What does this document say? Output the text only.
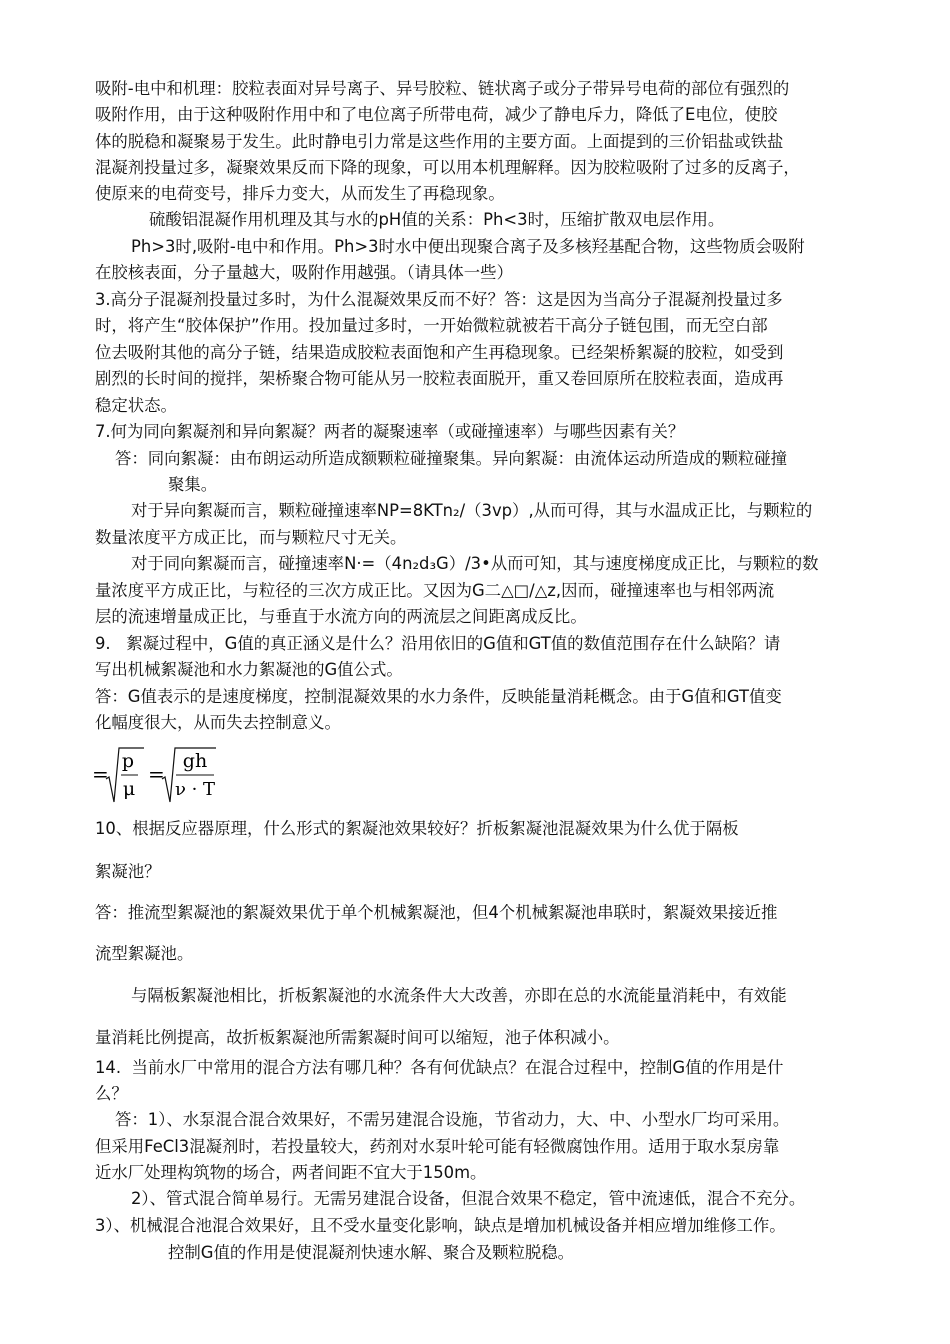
吸附-电中和机理：胶粒表面对异号离子、异号胶粒、链状离子或分子带异号电荷的部位有强烈的
吸附作用，由于这种吸附作用中和了电位离子所带电荷，减少了静电斥力，降低了E电位，使胶
体的脱稳和凝聚易于发生。此时静电引力常是这些作用的主要方面。上面提到的三价铝盐或铁盐
混凝剂投量过多，凝聚效果反而下降的现象，可以用本机理解释。因为胶粒吸附了过多的反离子，
使原来的电荷变号，排斥力变大，从而发生了再稳现象。
硫酸铝混凝作用机理及其与水的pH值的关系：Ph<3时，压缩扩散双电层作用。
Ph>3时,吸附-电中和作用。Ph>3时水中便出现聚合离子及多核羟基配合物，这些物质会吸附
在胶核表面，分子量越大，吸附作用越强。（请具体一些）
3.高分子混凝剂投量过多时，为什么混凝效果反而不好？答：这是因为当高分子混凝剂投量过多
时，将产生“胶体保护”作用。投加量过多时，一开始微粒就被若干高分子链包围，而无空白部
位去吸附其他的高分子链，结果造成胶粒表面饱和产生再稳现象。已经架桥絮凝的胶粒，如受到
剧烈的长时间的搅拌，架桥聚合物可能从另一胶粒表面脱开，重又卷回原所在胶粒表面，造成再
稳定状态。
7.何为同向絮凝剂和异向絮凝？两者的凝聚速率（或碰撞速率）与哪些因素有关？
答：同向絮凝：由布朗运动所造成额颗粒碰撞聚集。异向絮凝：由流体运动所造成的颗粒碰撞
聚集。
对于异向絮凝而言，颗粒碰撞速率NP=8KTn₂/（3vp）,从而可得，其与水温成正比，与颗粒的
数量浓度平方成正比，而与颗粒尺寸无关。
对于同向絮凝而言，碰撞速率N·=（4n₂d₃G）/3•从而可知，其与速度梯度成正比，与颗粒的数
量浓度平方成正比，与粒径的三次方成正比。又因为G二△□/△z,因而，碰撞速率也与相邻两流
层的流速增量成正比，与垂直于水流方向的两流层之间距离成反比。
9.   絮凝过程中，G值的真正涵义是什么？沿用依旧的G值和GT值的数值范围存在什么缺陷？请
写出机械絮凝池和水力絮凝池的G值公式。
答：G值表示的是速度梯度，控制混凝效果的水力条件，反映能量消耗概念。由于G值和GT值变
化幅度很大，从而失去控制意义。
=
p
μ
=
gh
ν · T
10、根据反应器原理，什么形式的絮凝池效果较好？折板絮凝池混凝效果为什么优于隔板
絮凝池？
答：推流型絮凝池的絮凝效果优于单个机械絮凝池，但4个机械絮凝池串联时，絮凝效果接近推
流型絮凝池。
与隔板絮凝池相比，折板絮凝池的水流条件大大改善，亦即在总的水流能量消耗中，有效能
量消耗比例提高，故折板絮凝池所需絮凝时间可以缩短，池子体积减小。
14.  当前水厂中常用的混合方法有哪几种？各有何优缺点？在混合过程中，控制G值的作用是什
么？
答：1）、水泵混合混合效果好，不需另建混合设施，节省动力，大、中、小型水厂均可采用。
但采用FeCl3混凝剂时，若投量较大，药剂对水泵叶轮可能有轻微腐蚀作用。适用于取水泵房靠
近水厂处理构筑物的场合，两者间距不宜大于150m。
2）、管式混合简单易行。无需另建混合设备，但混合效果不稳定，管中流速低，混合不充分。
3）、机械混合池混合效果好，且不受水量变化影响，缺点是增加机械设备并相应增加维修工作。
控制G值的作用是使混凝剂快速水解、聚合及颗粒脱稳。
